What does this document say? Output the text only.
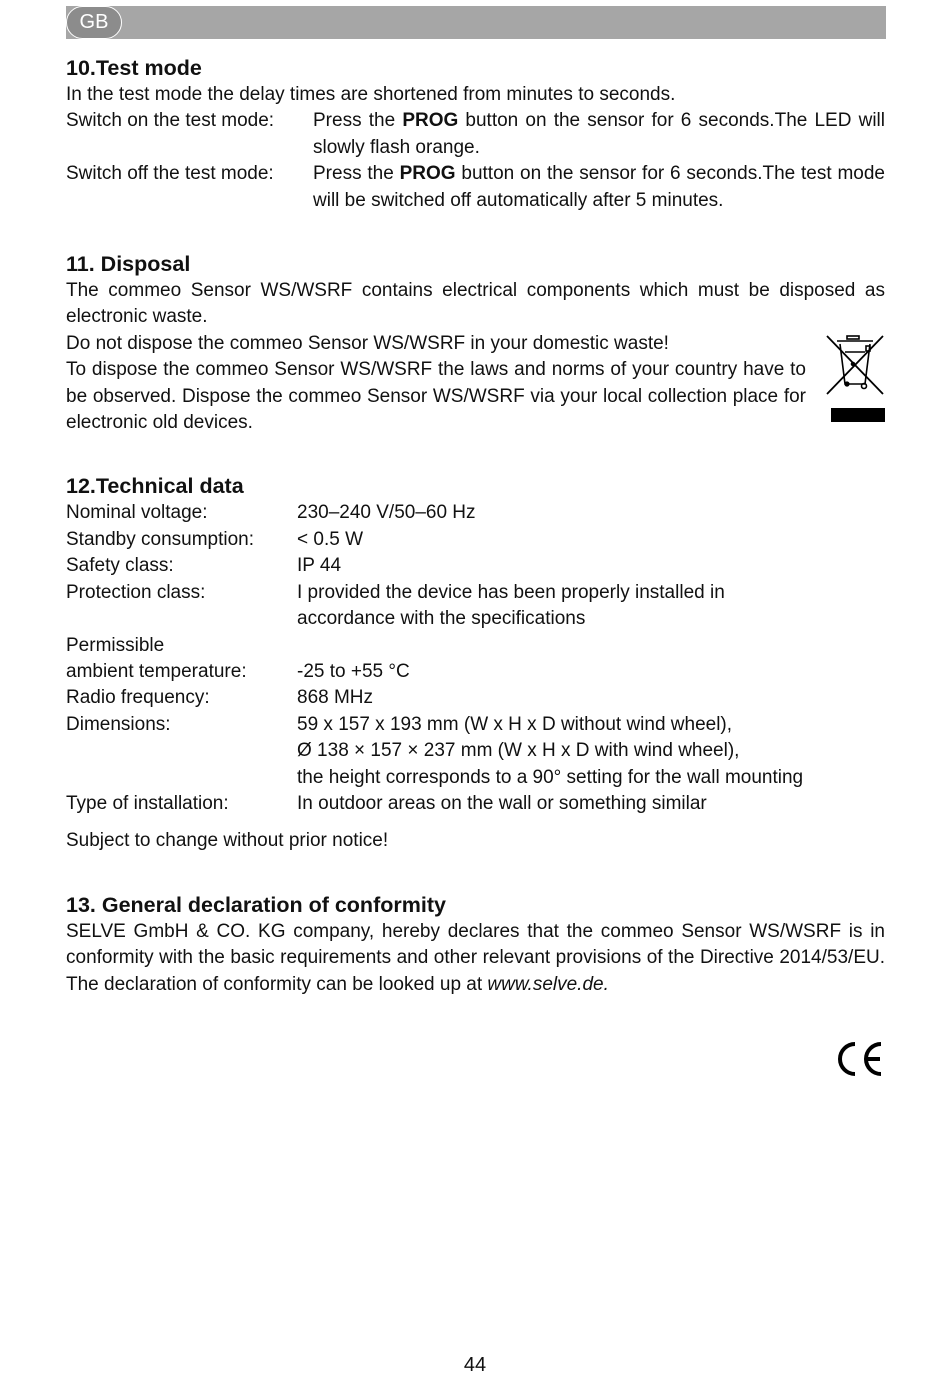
GB
10.Test mode

In the test mode the delay times are shortened from minutes to seconds.

Switch on the test mode:	Press the PROG button on the sensor for 6 seconds.The LED will slowly flash orange.
Switch off the test mode:	Press the PROG button on the sensor for 6 seconds.The test mode will be switched off automatically after 5 minutes.
11. Disposal

The commeo Sensor WS/WSRF contains electrical components which must be disposed as electronic waste.

Do not dispose the commeo Sensor WS/WSRF in your domestic waste!

To dispose the commeo Sensor WS/WSRF the laws and norms of your country have to be observed. Dispose the commeo Sensor WS/WSRF via your local collection place for electronic old devices.

12.Technical data
Nominal voltage:	230–240 V/50–60 Hz
Standby consumption:	< 0.5 W
Safety class:	IP 44
Protection class:	I provided the device has been properly installed in accordance with the specifications
Permissible
ambient temperature:	-25 to +55 °C
Radio frequency:	868 MHz
Dimensions:	59 x 157 x 193 mm (W x H x D without wind wheel),
Ø 138 × 157 × 237 mm (W x H x D with wind wheel),
the height corresponds to a 90° setting for the wall mounting
Type of installation:	In outdoor areas on the wall or something similar

Subject to change without prior notice!

13. General declaration of conformity

SELVE GmbH & CO. KG company, hereby declares that the commeo Sensor WS/WSRF is in conformity with the basic requirements and other relevant provisions of the Directive 2014/53/EU. The declaration of conformity can be looked up at www.selve.de.

44
